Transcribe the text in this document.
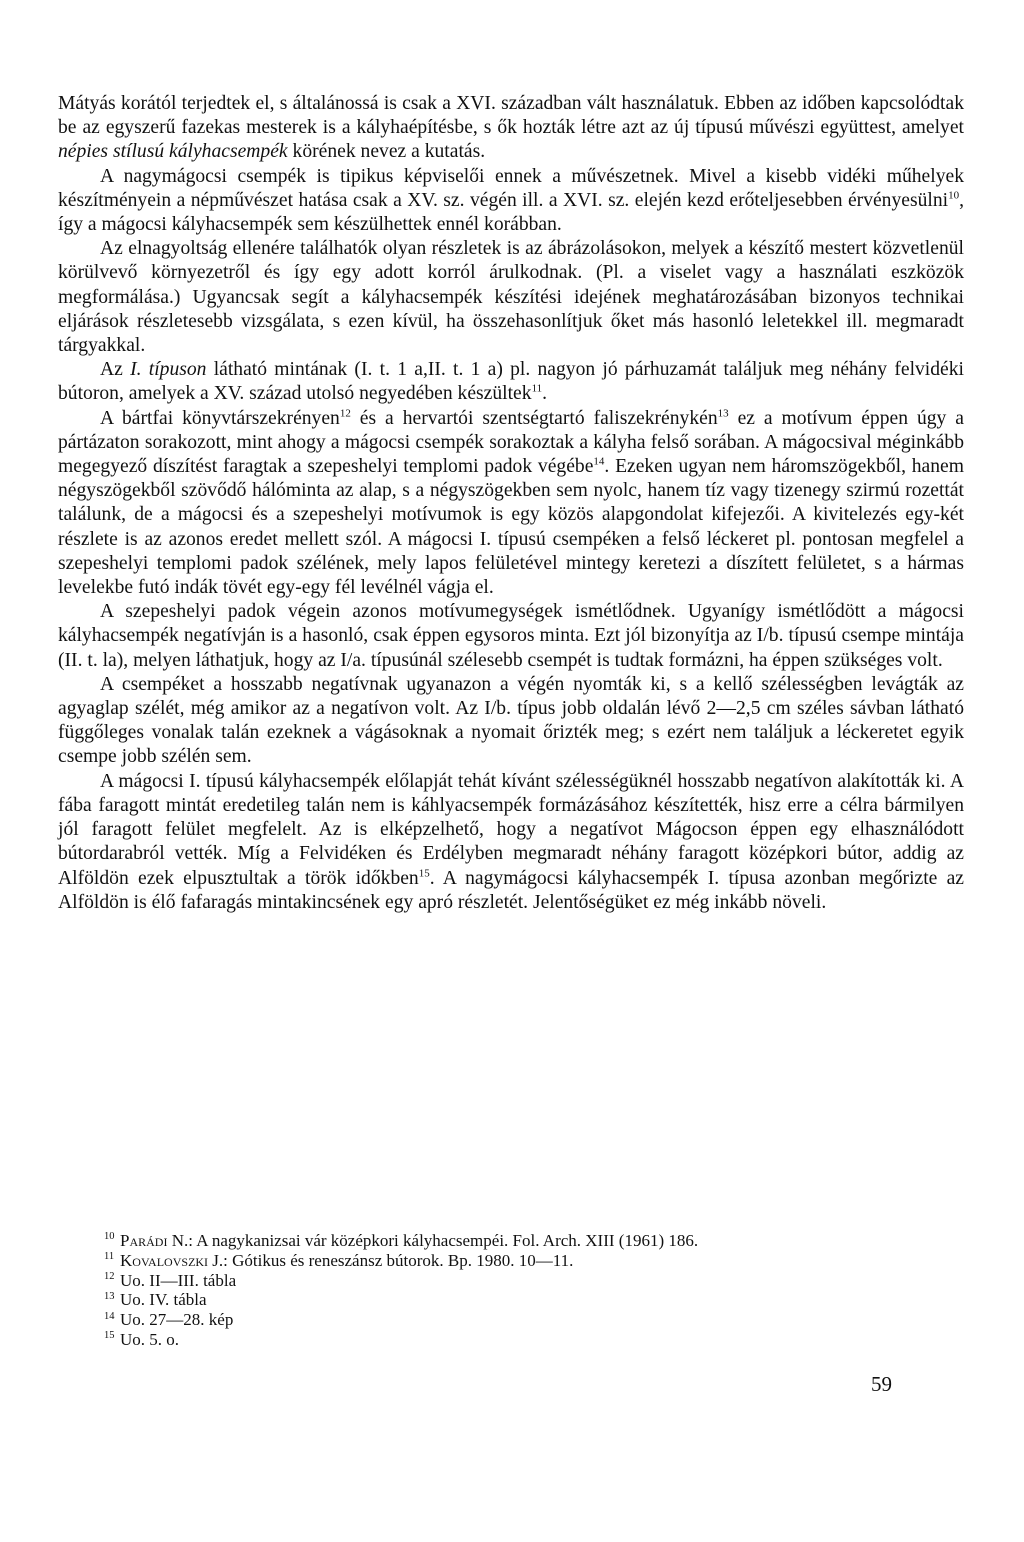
Mátyás korától terjedtek el, s általánossá is csak a XVI. században vált használatuk. Ebben az időben kapcsolódtak be az egyszerű fazekas mesterek is a kályhaépítésbe, s ők hozták létre azt az új típusú művészi együttest, amelyet népies stílusú kályhacsempék körének nevez a kutatás.

A nagymágocsi csempék is tipikus képviselői ennek a művészetnek. Mivel a kisebb vidéki műhelyek készítményein a népművészet hatása csak a XV. sz. végén ill. a XVI. sz. elején kezd erőteljesebben érvényesülni$^{10}$, így a mágocsi kályhacsempék sem készülhettek ennél korábban.

Az elnagyoltság ellenére találhatók olyan részletek is az ábrázolásokon, melyek a készítő mestert közvetlenül körülvevő környezetről és így egy adott korról árulkodnak. (Pl. a viselet vagy a használati eszközök megformálása.) Ugyancsak segít a kályhacsempék készítési idejének meghatározásában bizonyos technikai eljárások részletesebb vizsgálata, s ezen kívül, ha összehasonlítjuk őket más hasonló leletekkel ill. megmaradt tárgyakkal.

Az I. típuson látható mintának (I. t. 1 a,II. t. 1 a) pl. nagyon jó párhuzamát találjuk meg néhány felvidéki bútoron, amelyek a XV. század utolsó negyedében készültek$^{11}$.

A bártfai könyvtárszekrényen$^{12}$ és a hervartói szentségtartó faliszekrénykén$^{13}$ ez a motívum éppen úgy a pártázaton sorakozott, mint ahogy a mágocsi csempék sorakoztak a kályha felső sorában. A mágocsival méginkább megegyező díszítést faragtak a szepeshelyi templomi padok végébe$^{14}$. Ezeken ugyan nem háromszögekből, hanem négyszögekből szövődő hálóminta az alap, s a négyszögekben sem nyolc, hanem tíz vagy tizenegy szirmú rozettát találunk, de a mágocsi és a szepeshelyi motívumok is egy közös alapgondolat kifejezői. A kivitelezés egy-két részlete is az azonos eredet mellett szól. A mágocsi I. típusú csempéken a felső léckeret pl. pontosan megfelel a szepeshelyi templomi padok szélének, mely lapos felületével mintegy keretezi a díszített felületet, s a hármas levelekbe futó indák tövét egy-egy fél levélnél vágja el.

A szepeshelyi padok végein azonos motívumegységek ismétlődnek. Ugyanígy ismétlődött a mágocsi kályhacsempék negatívján is a hasonló, csak éppen egysoros minta. Ezt jól bizonyítja az I/b. típusú csempe mintája (II. t. la), melyen láthatjuk, hogy az I/a. típusúnál szélesebb csempét is tudtak formázni, ha éppen szükséges volt.

A csempéket a hosszabb negatívnak ugyanazon a végén nyomták ki, s a kellő szélességben levágták az agyaglap szélét, még amikor az a negatívon volt. Az I/b. típus jobb oldalán lévő 2—2,5 cm széles sávban látható függőleges vonalak talán ezeknek a vágásoknak a nyomait őrizték meg; s ezért nem találjuk a léckeretet egyik csempe jobb szélén sem.

A mágocsi I. típusú kályhacsempék előlapját tehát kívánt szélességüknél hosszabb negatívon alakították ki. A fába faragott mintát eredetileg talán nem is káhlyacsempék formázásához készítették, hisz erre a célra bármilyen jól faragott felület megfelelt. Az is elképzelhető, hogy a negatívot Mágocson éppen egy elhasználódott bútordarabról vették. Míg a Felvidéken és Erdélyben megmaradt néhány faragott középkori bútor, addig az Alföldön ezek elpusztultak a török időkben$^{15}$. A nagymágocsi kályhacsempék I. típusa azonban megőrizte az Alföldön is élő fafaragás mintakincsének egy apró részletét. Jelentőségüket ez még inkább növeli.

10 Parádi N.: A nagykanizsai vár középkori kályhacsempéi. Fol. Arch. XIII (1961) 186.
11 Kovalovszki J.: Gótikus és reneszánsz bútorok. Bp. 1980. 10—11.
12 Uo. II—III. tábla
13 Uo. IV. tábla
14 Uo. 27—28. kép
15 Uo. 5. o.
59
